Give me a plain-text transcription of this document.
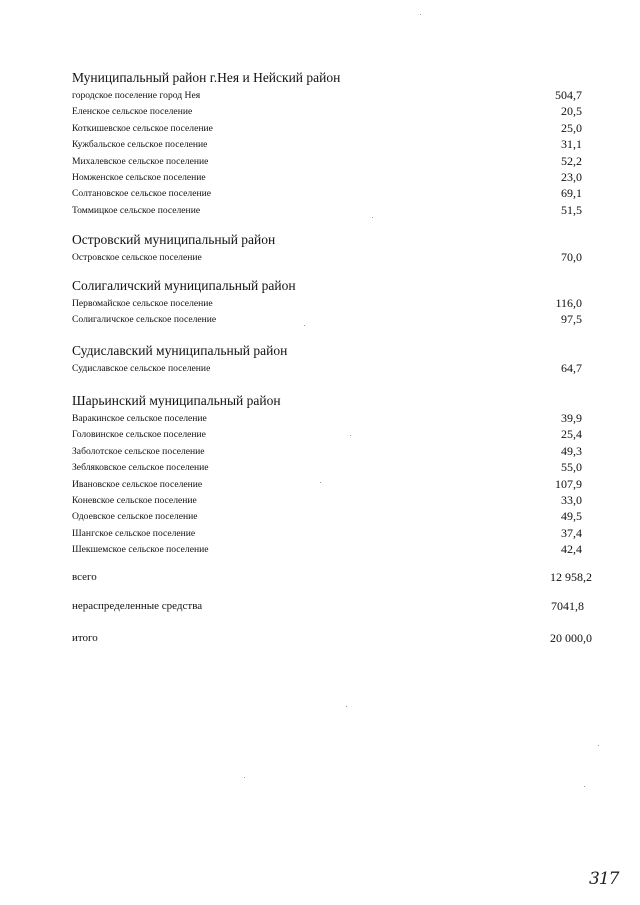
Муниципальный район г.Нея и Нейский район

городское поселение город Нея	504,7
Еленское сельское поселение	20,5
Коткишевское сельское поселение	25,0
Кужбальское сельское поселение	31,1
Михалевское сельское поселение	52,2
Номженское сельское поселение	23,0
Солтановское сельское поселение	69,1
Томмицкое сельское поселение	51,5

Островский муниципальный район

Островское сельское поселение	70,0

Солигаличский муниципальный район

Первомайское сельское поселение	116,0
Солигаличское сельское поселение	97,5

Судиславский муниципальный район

Судиславское сельское поселение	64,7

Шарьинский муниципальный район

Варакинское сельское поселение	39,9
Головинское сельское поселение	25,4
Заболотское сельское поселение	49,3
Зебляковское сельское поселение	55,0
Ивановское сельское поселение	107,9
Коневское сельское поселение	33,0
Одоевское сельское поселение	49,5
Шангское сельское поселение	37,4
Шекшемское сельское поселение	42,4
всего	12 958,2
нераспределенные средства	7041,8
итого	20 000,0
317
